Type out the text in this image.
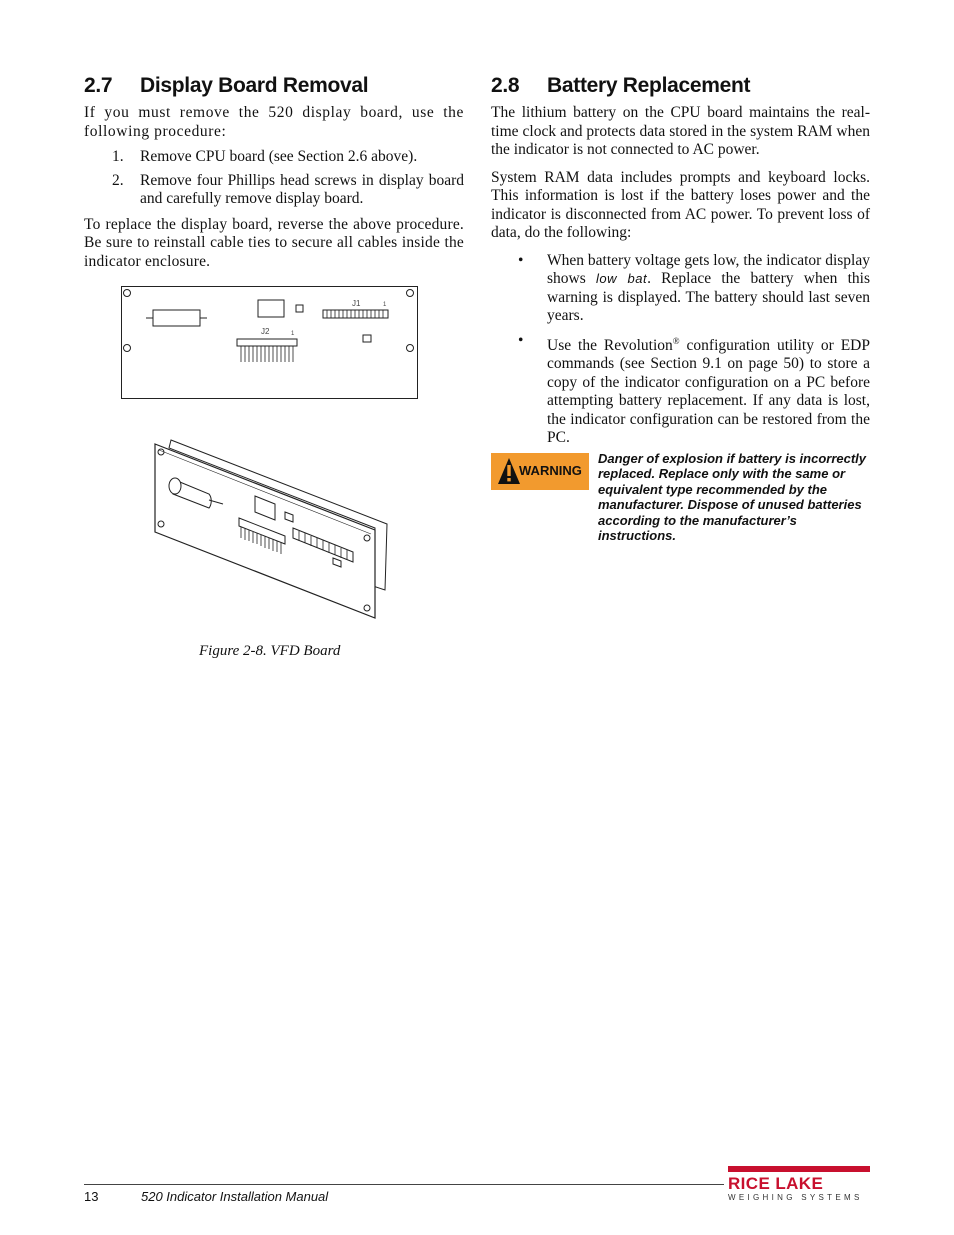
2.7	Display Board Removal

If you must remove the 520 display board, use the following procedure:

1. Remove CPU board (see Section 2.6 above).
2. Remove four Phillips head screws in display board and carefully remove display board.

To replace the display board, reverse the above procedure. Be sure to reinstall cable ties to secure all cables inside the indicator enclosure.

J1	1
J2	1
Figure 2-8. VFD Board
2.8	Battery Replacement

The lithium battery on the CPU board maintains the real-time clock and protects data stored in the system RAM when the indicator is not connected to AC power.

System RAM data includes prompts and keyboard locks. This information is lost if the battery loses power and the indicator is disconnected from AC power. To prevent loss of data, do the following:

• When battery voltage gets low, the indicator display shows low bat. Replace the battery when this warning is displayed. The battery should last seven years.
• Use the Revolution® configuration utility or EDP commands (see Section 9.1 on page 50) to store a copy of the indicator configuration on a PC before attempting battery replacement. If any data is lost, the indicator configuration can be restored from the PC.
WARNING
Danger of explosion if battery is incorrectly replaced. Replace only with the same or equivalent type recommended by the manufacturer. Dispose of unused batteries according to the manufacturer’s instructions.
13	520 Indicator Installation Manual
RICE LAKE
WEIGHING SYSTEMS
